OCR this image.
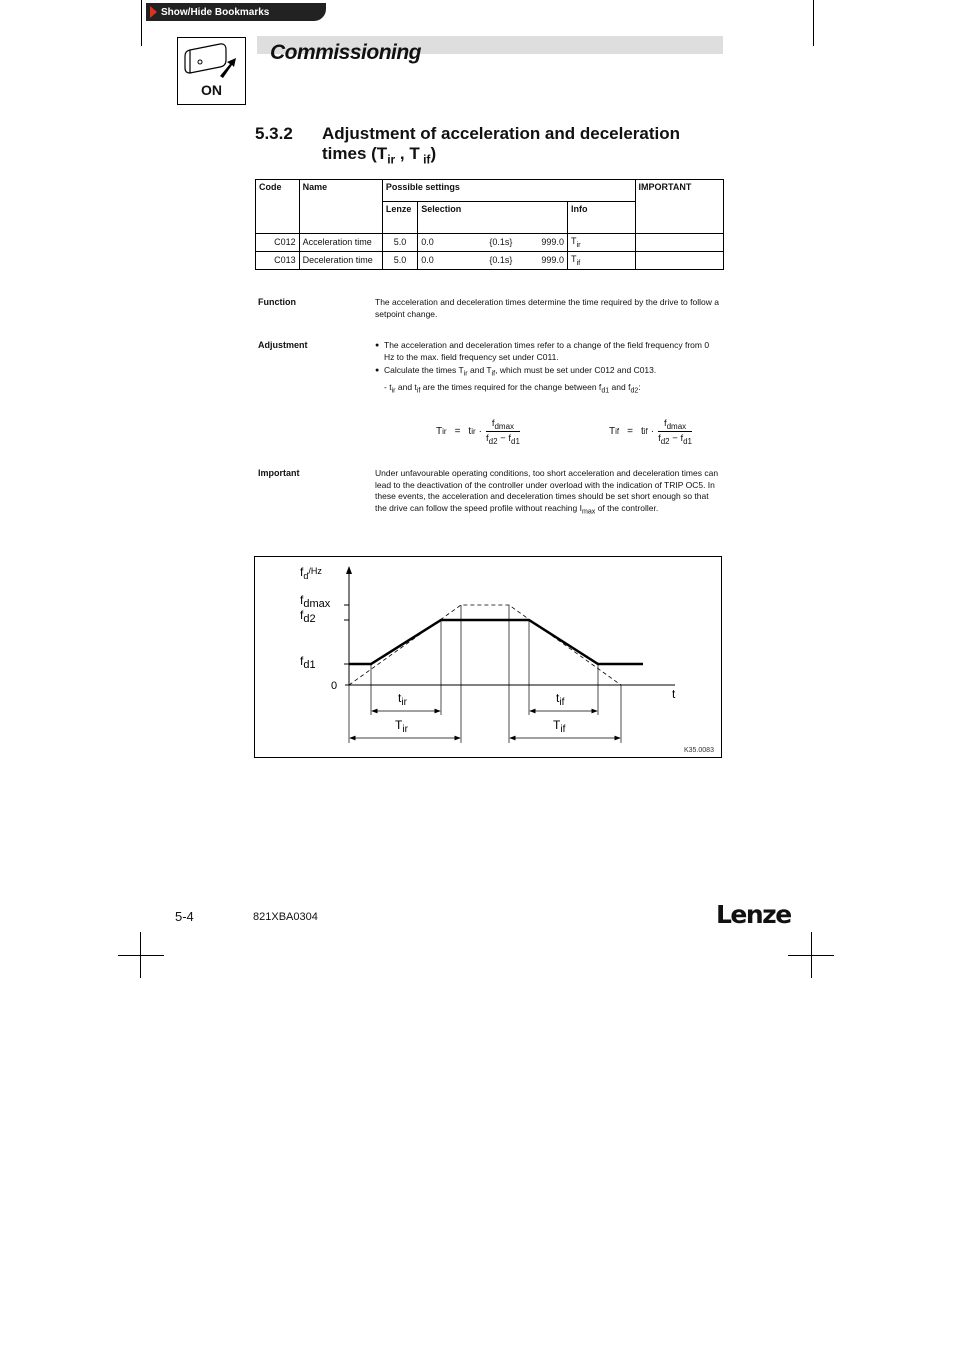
Show/Hide Bookmarks
ON
Commissioning
5.3.2 Adjustment of acceleration and deceleration
times ($T_{ir}$ , T $_{if}$)
Code	Name	Possible settings					IMPORTANT
		Lenze	Selection			Info	
C012	Acceleration time	5.0	0.0	{0.1s}	999.0	$T_{ir}$	
C013	Deceleration time	5.0	0.0	{0.1s}	999.0	$T_{if}$	
Function	The acceleration and deceleration times determine the time required by the drive to follow a setpoint change.
Adjustment	● The acceleration and deceleration times refer to a change of the field frequency from 0 Hz to the max. field frequency set under C011.
● Calculate the times $T_{ir}$ and $T_{if}$, which must be set under C012 and C013.
- $t_{ir}$ and $t_{if}$ are the times required for the change between $f_{d1}$ and $f_{d2}$:
T ir = t ir · $\frac{f_{dmax}}{f_{d2} - f_{d1}}$	T if = t if · $\frac{f_{dmax}}{f_{d2} - f_{d1}}$
Important	Under unfavourable operating conditions, too short acceleration and deceleration times can lead to the deactivation of the controller under overload with the indication of TRIP OC5. In these events, the acceleration and deceleration times should be set short enough so that the drive can follow the speed profile without reaching $I_{max}$ of the controller.
$f_d^{/Hz}$
fdmax
fd2
fd1
0
t
$t_{ir}$	$t_{if}$
$T_{ir}$	$T_{if}$
K35.0083
5-4	821XBA0304	Lenze
